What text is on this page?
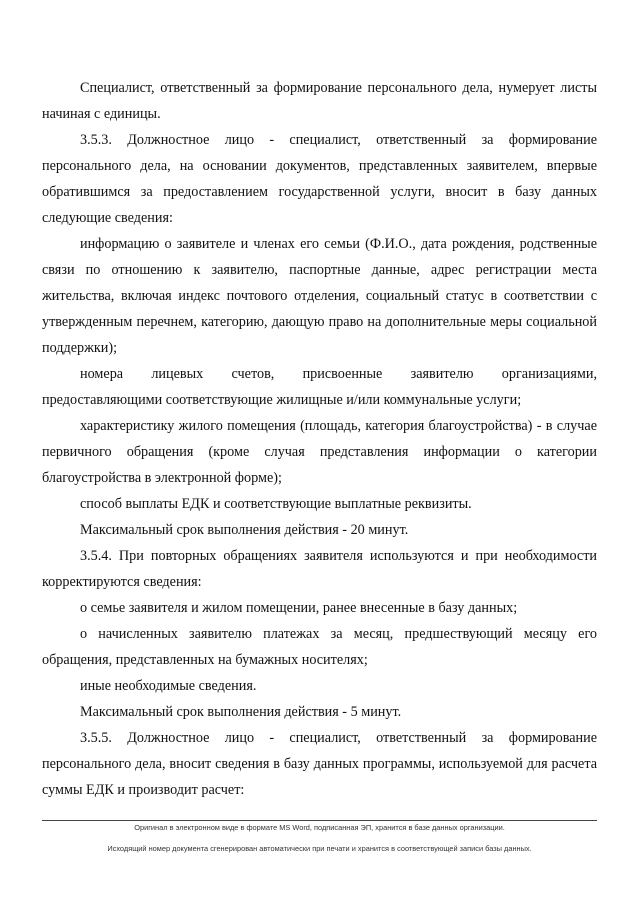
Специалист, ответственный за формирование персонального дела, нумерует листы начиная с единицы.

3.5.3. Должностное лицо - специалист, ответственный за формирование персонального дела, на основании документов, представленных заявителем, впервые обратившимся за предоставлением государственной услуги, вносит в базу данных следующие сведения:

информацию о заявителе и членах его семьи (Ф.И.О., дата рождения, родственные связи по отношению к заявителю, паспортные данные, адрес регистрации места жительства, включая индекс почтового отделения, социальный статус в соответствии с утвержденным перечнем, категорию, дающую право на дополнительные меры социальной поддержки);

номера лицевых счетов, присвоенные заявителю организациями, предоставляющими соответствующие жилищные и/или коммунальные услуги;

характеристику жилого помещения (площадь, категория благоустройства) - в случае первичного обращения (кроме случая представления информации о категории благоустройства в электронной форме);

способ выплаты ЕДК и соответствующие выплатные реквизиты.

Максимальный срок выполнения действия - 20 минут.

3.5.4. При повторных обращениях заявителя используются и при необходимости корректируются сведения:

о семье заявителя и жилом помещении, ранее внесенные в базу данных;

о начисленных заявителю платежах за месяц, предшествующий месяцу его обращения, представленных на бумажных носителях;

иные необходимые сведения.

Максимальный срок выполнения действия - 5 минут.

3.5.5. Должностное лицо - специалист, ответственный за формирование персонального дела, вносит сведения в базу данных программы, используемой для расчета суммы ЕДК и производит расчет:

Оригинал в электронном виде в формате MS Word, подписанная ЭП, хранится в базе данных организации.
Исходящий номер документа сгенерирован автоматически при печати и хранится в соответствующей записи базы данных.
